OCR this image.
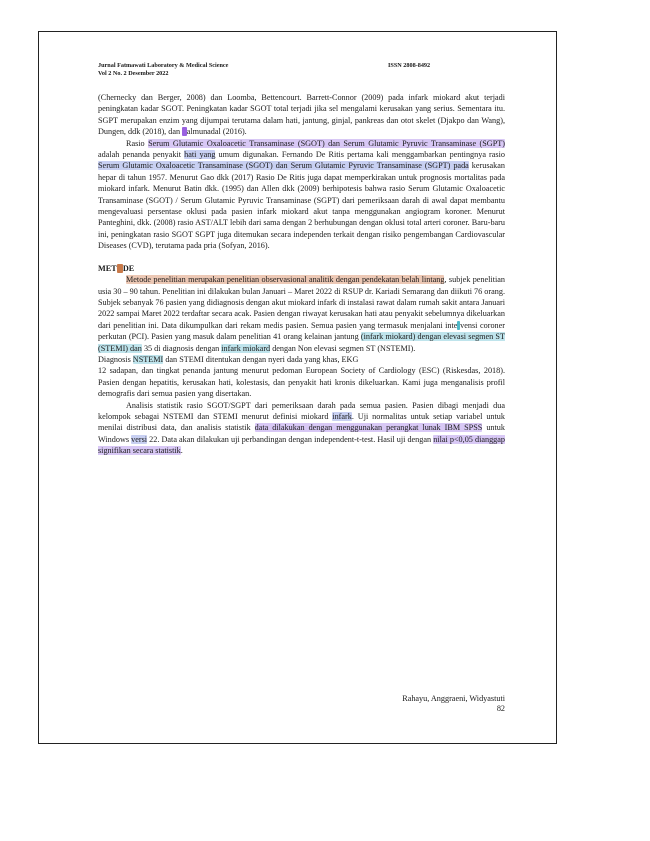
Jurnal Fatmawati Laboratory & Medical Science
Vol 2 No. 2 Desember 2022
ISSN 2808-8492

(Chernecky dan Berger, 2008) dan Loomba, Bettencourt. Barrett-Connor (2009) pada infark miokard akut terjadi peningkatan kadar SGOT. Peningkatan kadar SGOT total terjadi jika sel mengalami kerusakan yang serius. Sementara itu. SGPT merupakan enzim yang dijumpai terutama dalam hati, jantung, ginjal, pankreas dan otot skelet (Djakpo dan Wang), Dungen, ddk (2018), dan Palmunadal (2016).

Rasio Serum Glutamic Oxaloacetic Transaminase (SGOT) dan Serum Glutamic Pyruvic Transaminase (SGPT) adalah penanda penyakit hati yang umum digunakan. Fernando De Ritis pertama kali menggambarkan pentingnya rasio Serum Glutamic Oxaloacetic Transaminase (SGOT) dan Serum Glutamic Pyruvic Transaminase (SGPT) pada kerusakan hepar di tahun 1957. Menurut Gao dkk (2017) Rasio De Ritis juga dapat memperkirakan untuk prognosis mortalitas pada miokard infark. Menurut Batin dkk. (1995) dan Allen dkk (2009) berhipotesis bahwa rasio Serum Glutamic Oxaloacetic Transaminase (SGOT) / Serum Glutamic Pyruvic Transaminase (SGPT) dari pemeriksaan darah di awal dapat membantu mengevaluasi persentase oklusi pada pasien infark miokard akut tanpa menggunakan angiogram koroner. Menurut Panteghini, dkk. (2008) rasio AST/ALT lebih dari sama dengan 2 berhubungan dengan oklusi total arteri coroner. Baru-baru ini, peningkatan rasio SGOT SGPT juga ditemukan secara independen terkait dengan risiko pengembangan Cardiovascular Diseases (CVD), terutama pada pria (Sofyan, 2016).

METODE

Metode penelitian merupakan penelitian observasional analitik dengan pendekatan belah lintang, subjek penelitian usia 30 – 90 tahun. Penelitian ini dilakukan bulan Januari – Maret 2022 di RSUP dr. Kariadi Semarang dan diikuti 76 orang. Subjek sebanyak 76 pasien yang didiagnosis dengan akut miokard infark di instalasi rawat dalam rumah sakit antara Januari 2022 sampai Maret 2022 terdaftar secara acak. Pasien dengan riwayat kerusakan hati atau penyakit sebelumnya dikeluarkan dari penelitian ini. Data dikumpulkan dari rekam medis pasien. Semua pasien yang termasuk menjalani intervensi coroner perkutan (PCI). Pasien yang masuk dalam penelitian 41 orang kelainan jantung (infark miokard) dengan elevasi segmen ST (STEMI) dan 35 di diagnosis dengan infark miokard dengan Non elevasi segmen ST (NSTEMI).

Diagnosis NSTEMI dan STEMI ditentukan dengan nyeri dada yang khas, EKG

12 sadapan, dan tingkat penanda jantung menurut pedoman European Society of Cardiology (ESC) (Riskesdas, 2018). Pasien dengan hepatitis, kerusakan hati, kolestasis, dan penyakit hati kronis dikeluarkan. Kami juga menganalisis profil demografis dari semua pasien yang disertakan.

Analisis statistik rasio SGOT/SGPT dari pemeriksaan darah pada semua pasien. Pasien dibagi menjadi dua kelompok sebagai NSTEMI dan STEMI menurut definisi miokard infark. Uji normalitas untuk setiap variabel untuk menilai distribusi data, dan analisis statistik data dilakukan dengan menggunakan perangkat lunak IBM SPSS untuk Windows versi 22. Data akan dilakukan uji perbandingan dengan independent-t-test. Hasil uji dengan nilai p<0,05 dianggap signifikan secara statistik.

Rahayu, Anggraeni, Widyastuti
82
